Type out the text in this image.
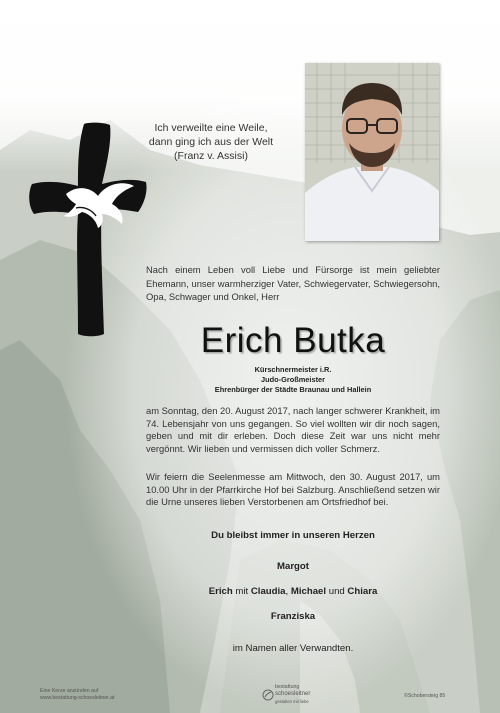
Ich verweilte eine Weile,
dann ging ich aus der Welt
(Franz v. Assisi)
Nach einem Leben voll Liebe und Fürsorge ist mein geliebter Ehemann, unser warmherziger Vater, Schwiegervater, Schwiegersohn, Opa, Schwager und Onkel, Herr
Erich Butka
Kürschnermeister i.R.
Judo-Großmeister
Ehrenbürger der Städte Braunau und Hallein
am Sonntag, den 20. August 2017, nach langer schwerer Krankheit, im 74. Lebensjahr von uns gegangen. So viel wollten wir dir noch sagen, geben und mit dir erleben. Doch diese Zeit war uns nicht mehr vergönnt. Wir lieben und vermissen dich voller Schmerz.
Wir feiern die Seelenmesse am Mittwoch, den 30. August 2017, um 10.00 Uhr in der Pfarrkirche Hof bei Salzburg. Anschließend setzen wir die Urne unseres lieben Verstorbenen am Ortsfriedhof bei.
Du bleibst immer in unseren Herzen
Margot
Erich mit Claudia, Michael und Chiara
Franziska
im Namen aller Verwandten.
Eine Kerze anzünden auf
www.bestattung-schoesleitner.at
bestattung
schoesleitner
gestalten mit liebe
©Schobersteig 85
